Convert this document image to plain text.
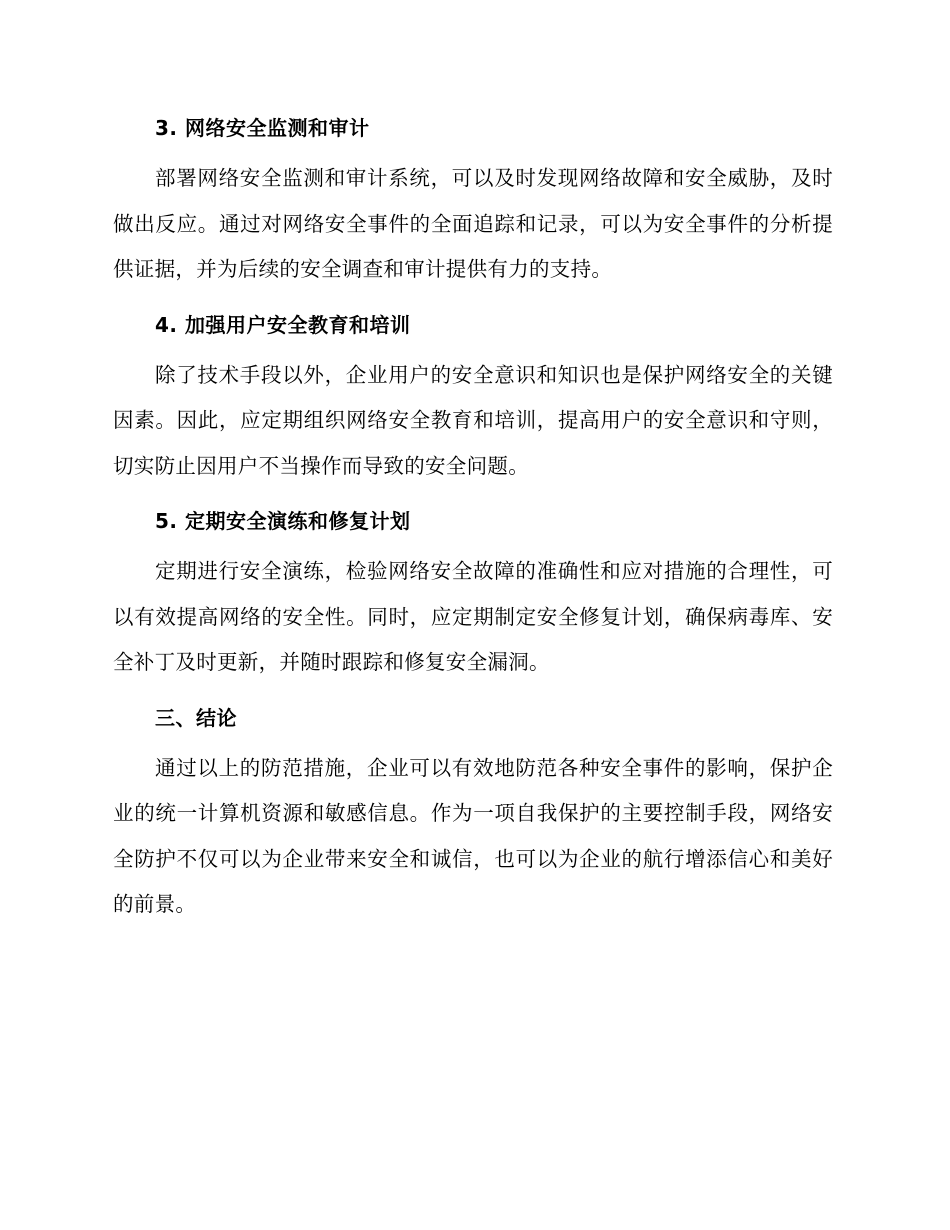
3. 网络安全监测和审计

部署网络安全监测和审计系统，可以及时发现网络故障和安全威胁，及时做出反应。通过对网络安全事件的全面追踪和记录，可以为安全事件的分析提供证据，并为后续的安全调查和审计提供有力的支持。

4. 加强用户安全教育和培训

除了技术手段以外，企业用户的安全意识和知识也是保护网络安全的关键因素。因此，应定期组织网络安全教育和培训，提高用户的安全意识和守则，切实防止因用户不当操作而导致的安全问题。

5. 定期安全演练和修复计划

定期进行安全演练，检验网络安全故障的准确性和应对措施的合理性，可以有效提高网络的安全性。同时，应定期制定安全修复计划，确保病毒库、安全补丁及时更新，并随时跟踪和修复安全漏洞。

三、结论

通过以上的防范措施，企业可以有效地防范各种安全事件的影响，保护企业的统一计算机资源和敏感信息。作为一项自我保护的主要控制手段，网络安全防护不仅可以为企业带来安全和诚信，也可以为企业的航行增添信心和美好的前景。
